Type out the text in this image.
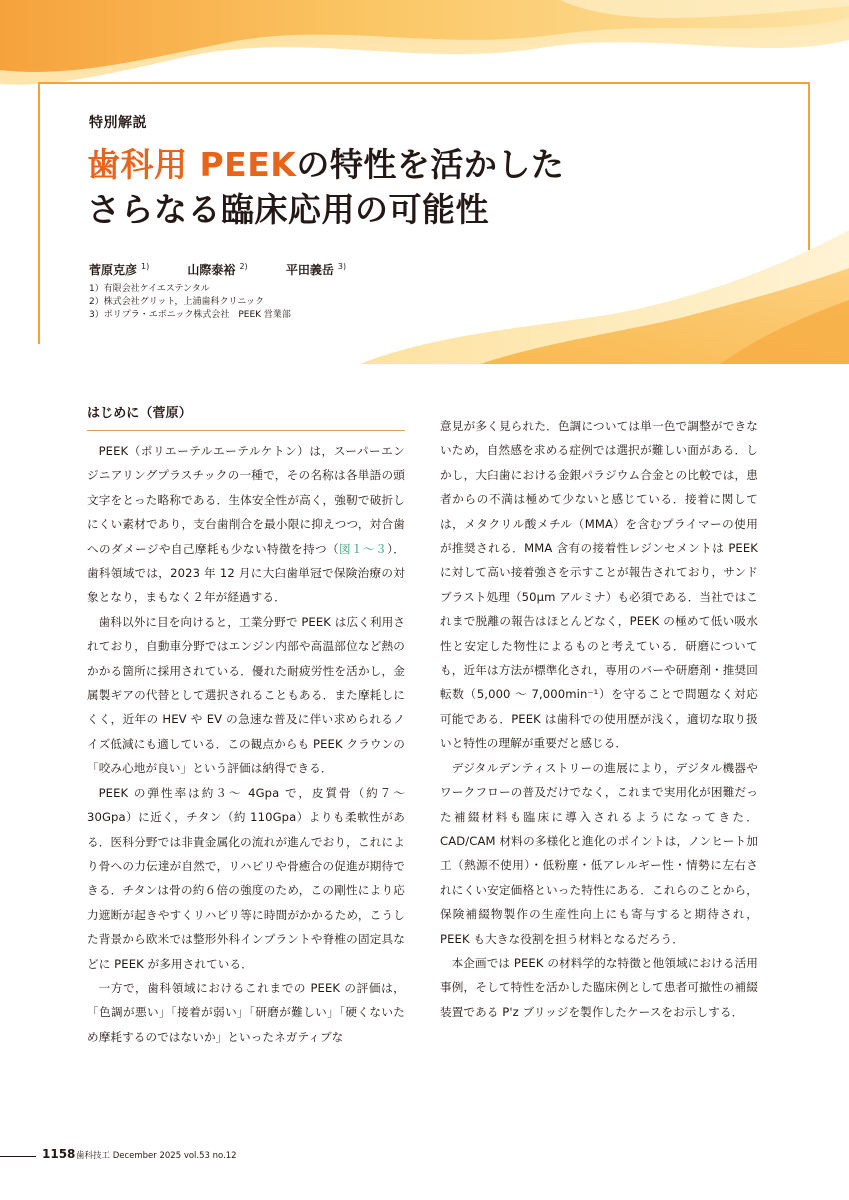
特別解説
歯科用 PEEKの特性を活かした
さらなる臨床応用の可能性
菅原克彦 $^{1)}$	山際泰裕 $^{2)}$	平田義岳 $^{3)}$
1）有限会社ケイエステンタル
2）株式会社グリット，上浦歯科クリニック
3）ポリプラ・エボニック株式会社　PEEK 営業部
はじめに（菅原）

PEEK（ポリエーテルエーテルケトン）は，スーパーエンジニアリングプラスチックの一種で，その名称は各単語の頭文字をとった略称である．生体安全性が高く，強靭で破折しにくい素材であり，支台歯削合を最小限に抑えつつ，対合歯へのダメージや自己摩耗も少ない特徴を持つ（図１～３）．歯科領域では，2023 年 12 月に大臼歯単冠で保険治療の対象となり，まもなく２年が経過する．

歯科以外に目を向けると，工業分野で PEEK は広く利用されており，自動車分野ではエンジン内部や高温部位など熱のかかる箇所に採用されている．優れた耐疲労性を活かし，金属製ギアの代替として選択されることもある．また摩耗しにくく，近年の HEV や EV の急速な普及に伴い求められるノイズ低減にも適している．この観点からも PEEK クラウンの「咬み心地が良い」という評価は納得できる．

PEEK の弾性率は約３～ 4Gpa で，皮質骨（約７～30Gpa）に近く，チタン（約 110Gpa）よりも柔軟性がある．医科分野では非貴金属化の流れが進んでおり，これにより骨への力伝達が自然で，リハビリや骨癒合の促進が期待できる．チタンは骨の約６倍の強度のため，この剛性により応力遮断が起きやすくリハビリ等に時間がかかるため，こうした背景から欧米では整形外科インプラントや脊椎の固定具などに PEEK が多用されている．

一方で，歯科領域におけるこれまでの PEEK の評価は，「色調が悪い」「接着が弱い」「研磨が難しい」「硬くないため摩耗するのではないか」といったネガティブな

意見が多く見られた．色調については単一色で調整ができないため，自然感を求める症例では選択が難しい面がある．しかし，大臼歯における金銀パラジウム合金との比較では，患者からの不満は極めて少ないと感じている．接着に関しては，メタクリル酸メチル（MMA）を含むプライマーの使用が推奨される．MMA 含有の接着性レジンセメントは PEEK に対して高い接着強さを示すことが報告されており，サンドブラスト処理（50μm アルミナ）も必須である．当社ではこれまで脱離の報告はほとんどなく，PEEK の極めて低い吸水性と安定した物性によるものと考えている．研磨についても，近年は方法が標準化され，専用のバーや研磨剤・推奨回転数（5,000 ～ 7,000min⁻¹）を守ることで問題なく対応可能である．PEEK は歯科での使用歴が浅く，適切な取り扱いと特性の理解が重要だと感じる．

デジタルデンティストリーの進展により，デジタル機器やワークフローの普及だけでなく，これまで実用化が困難だった補綴材料も臨床に導入されるようになってきた．CAD/CAM 材料の多様化と進化のポイントは，ノンヒート加工（熱源不使用）・低粉塵・低アレルギー性・情勢に左右されにくい安定価格といった特性にある．これらのことから，保険補綴物製作の生産性向上にも寄与すると期待され，PEEK も大きな役割を担う材料となるだろう．

本企画では PEEK の材料学的な特徴と他領域における活用事例，そして特性を活かした臨床例として患者可撤性の補綴装置である P'z ブリッジを製作したケースをお示しする．

1158 歯科技工 December 2025 vol.53 no.12
